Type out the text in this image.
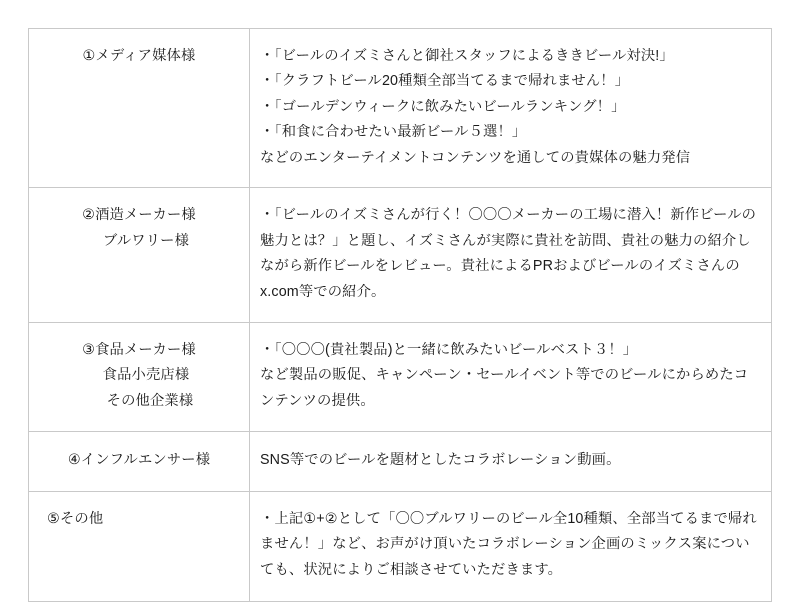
①メディア媒体様	・「ビールのイズミさんと御社スタッフによるききビール対決!」
・「クラフトビール20種類全部当てるまで帰れません！」
・「ゴールデンウィークに飲みたいビールランキング！」
・「和食に合わせたい最新ビール５選！」
などのエンターテイメントコンテンツを通しての貴媒体の魅力発信

②酒造メーカー様
ブルワリー様	・「ビールのイズミさんが行く！〇〇〇メーカーの工場に潜入！新作ビールの魅力とは？」と題し、イズミさんが実際に貴社を訪問、貴社の魅力の紹介しながら新作ビールをレビュー。貴社によるPRおよびビールのイズミさんのx.com等での紹介。

③食品メーカー様
食品小売店様
その他企業様	・「〇〇〇(貴社製品)と一緒に飲みたいビールベスト３！」
など製品の販促、キャンペーン・セールイベント等でのビールにからめたコンテンツの提供。

④インフルエンサー様	SNS等でのビールを題材としたコラボレーション動画。

⑤その他	・上記①+②として「〇〇ブルワリーのビール全10種類、全部当てるまで帰れません！」など、お声がけ頂いたコラボレーション企画のミックス案についても、状況によりご相談させていただきます。
